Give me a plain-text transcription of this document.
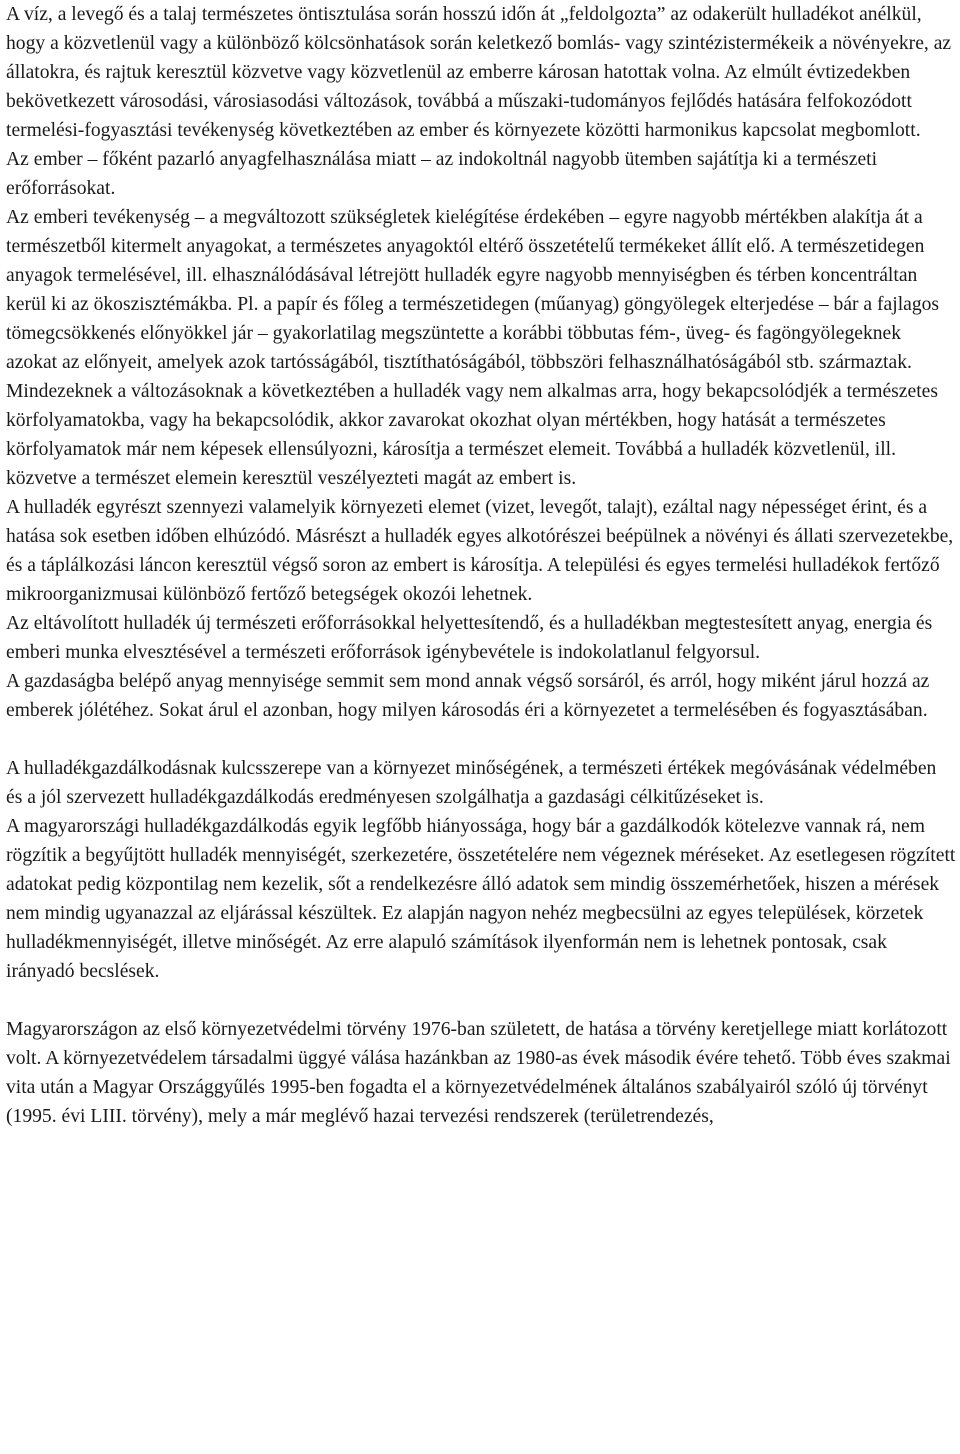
A víz, a levegő és a talaj természetes öntisztulása során hosszú időn át „feldolgozta” az odakerült hulladékot anélkül, hogy a közvetlenül vagy a különböző kölcsönhatások során keletkező bomlás- vagy szintézistermékeik a növényekre, az állatokra, és rajtuk keresztül közvetve vagy közvetlenül az emberre károsan hatottak volna. Az elmúlt évtizedekben bekövetkezett városodási, városiasodási változások, továbbá a műszaki-tudományos fejlődés hatására felfokozódott termelési-fogyasztási tevékenység következtében az ember és környezete közötti harmonikus kapcsolat megbomlott.

Az ember – főként pazarló anyagfelhasználása miatt – az indokoltnál nagyobb ütemben sajátítja ki a természeti erőforrásokat.

Az emberi tevékenység – a megváltozott szükségletek kielégítése érdekében – egyre nagyobb mértékben alakítja át a természetből kitermelt anyagokat, a természetes anyagoktól eltérő összetételű termékeket állít elő. A természetidegen anyagok termelésével, ill. elhasználódásával létrejött hulladék egyre nagyobb mennyiségben és térben koncentráltan kerül ki az ökoszisztémákba. Pl. a papír és főleg a természetidegen (műanyag) göngyölegek elterjedése – bár a fajlagos tömegcsökkenés előnyökkel jár – gyakorlatilag megszüntette a korábbi többutas fém-, üveg- és fagöngyölegeknek azokat az előnyeit, amelyek azok tartósságából, tisztíthatóságából, többszöri felhasználhatóságából stb. származtak.

Mindezeknek a változásoknak a következtében a hulladék vagy nem alkalmas arra, hogy bekapcsolódjék a természetes körfolyamatokba, vagy ha bekapcsolódik, akkor zavarokat okozhat olyan mértékben, hogy hatását a természetes körfolyamatok már nem képesek ellensúlyozni, károsítja a természet elemeit. Továbbá a hulladék közvetlenül, ill. közvetve a természet elemein keresztül veszélyezteti magát az embert is.

A hulladék egyrészt szennyezi valamelyik környezeti elemet (vizet, levegőt, talajt), ezáltal nagy népességet érint, és a hatása sok esetben időben elhúzódó. Másrészt a hulladék egyes alkotórészei beépülnek a növényi és állati szervezetekbe, és a táplálkozási láncon keresztül végső soron az embert is károsítja. A települési és egyes termelési hulladékok fertőző mikroorganizmusai különböző fertőző betegségek okozói lehetnek.

Az eltávolított hulladék új természeti erőforrásokkal helyettesítendő, és a hulladékban megtestesített anyag, energia és emberi munka elvesztésével a természeti erőforrások igénybevétele is indokolatlanul felgyorsul.

A gazdaságba belépő anyag mennyisége semmit sem mond annak végső sorsáról, és arról, hogy miként járul hozzá az emberek jólétéhez. Sokat árul el azonban, hogy milyen károsodás éri a környezetet a termelésében és fogyasztásában.

A hulladékgazdálkodásnak kulcsszerepe van a környezet minőségének, a természeti értékek megóvásának védelmében és a jól szervezett hulladékgazdálkodás eredményesen szolgálhatja a gazdasági célkitűzéseket is.

A magyarországi hulladékgazdálkodás egyik legfőbb hiányossága, hogy bár a gazdálkodók kötelezve vannak rá, nem rögzítik a begyűjtött hulladék mennyiségét, szerkezetére, összetételére nem végeznek méréseket. Az esetlegesen rögzített adatokat pedig központilag nem kezelik, sőt a rendelkezésre álló adatok sem mindig összemérhetőek, hiszen a mérések nem mindig ugyanazzal az eljárással készültek. Ez alapján nagyon nehéz megbecsülni az egyes települések, körzetek hulladékmennyiségét, illetve minőségét. Az erre alapuló számítások ilyenformán nem is lehetnek pontosak, csak irányadó becslések.

Magyarországon az első környezetvédelmi törvény 1976-ban született, de hatása a törvény keretjellege miatt korlátozott volt. A környezetvédelem társadalmi üggyé válása hazánkban az 1980-as évek második évére tehető. Több éves szakmai vita után a Magyar Országgyűlés 1995-ben fogadta el a környezetvédelmének általános szabályairól szóló új törvényt (1995. évi LIII. törvény), mely a már meglévő hazai tervezési rendszerek (területrendezés,
